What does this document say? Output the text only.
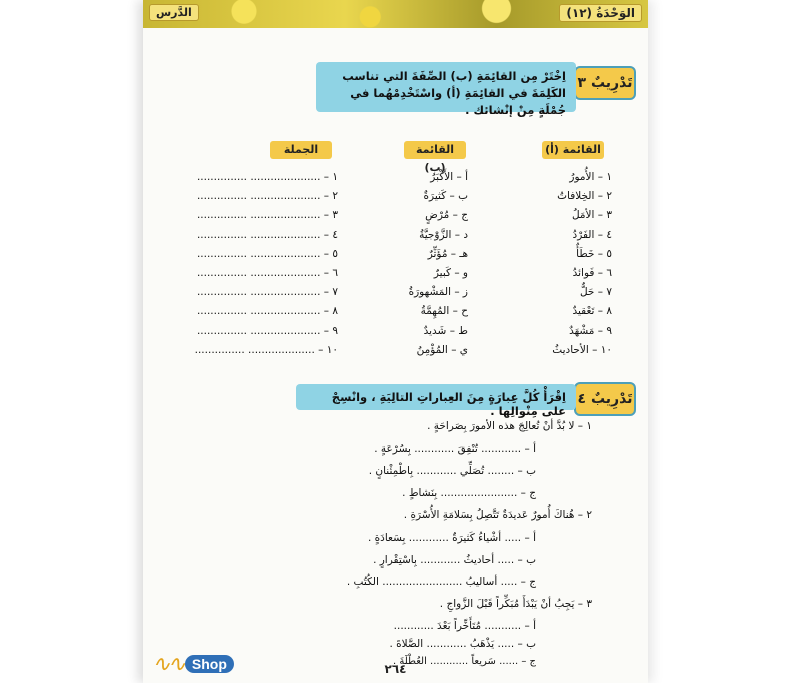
الوَحْدَةُ (١٢)
الدَّرس
تَدْرِيبٌ ٣
اِخْتَرْ مِن القائِمَةِ (ب) الصِّفَةَ التي تناسب الكَلِمَةَ في القائِمَةِ (أ) واسْتَخْدِمْهُما في جُمْلَةٍ مِنْ إنْشائك .
القائمة (أ)
القائمة (ب)
الجملة
١ – الأُمورُ
٢ – الخِلافاتُ
٣ – الأمَلُ
٤ – الفَرْدُ
٥ – خَطَأٌ
٦ – فَوائدُ
٧ – حَلٌّ
٨ – تَعْقيدٌ
٩ – مَشْهَدٌ
١٠ – الأحاديثُ
أ – الأَكْبَرُ
ب – كَثيرَةٌ
ج – مُرْضٍ
د – الزَّوْجيَّةُ
هـ – مُؤَثِّرٌ
و – كَبيرٌ
ز – المَشْهورَةُ
ح – المُهِمَّةُ
ط – شَديدٌ
ي – المُؤْمِنُ
١ – ..................... ...............
٢ – ..................... ...............
٣ – ..................... ...............
٤ – ..................... ...............
٥ – ..................... ...............
٦ – ..................... ...............
٧ – ..................... ...............
٨ – ..................... ...............
٩ – ..................... ...............
١٠ – .................... ...............
تَدْرِيبٌ ٤
اِقْرَأْ كُلَّ عِبارَةٍ مِنَ العِباراتِ التالِيَةِ ، وانْسِجْ على مِنْوالِها .
١ – لا بُدَّ أنْ تُعالِجَ هذه الأمورَ بِصَراحَةٍ .
أ – ............ تُنْفِقَ ............ بِسُرْعَةٍ .
ب – ........ تُصَلِّي ............ بِاطْمِئْنانٍ .
ج – ....................... بِنَشاطٍ .
٢ – هُناكَ أُمورٌ عَديدَةٌ تَتَّصِلُ بِسَلامَةِ الأُسْرَةِ .
أ – ..... أشْياءُ كَثيرَةٌ ............ بِسَعادَةٍ .
ب – ..... أحاديثُ ............ بِاسْتِقْرارٍ .
ج – ..... أساليبُ ........................ الكُتُبِ .
٣ – يَجِبُ أنْ يَبْدَأَ مُبَكِّراً قَبْلَ الزَّواجِ .
أ – ........... مُتَأَخِّراً بَعْدَ ............
ب – ..... يَذْهَبُ ............ الصَّلاةَ .
ج – ...... سَريعاً ............ العُطْلَةَ .
٢٦٤
∿∿ Shop
